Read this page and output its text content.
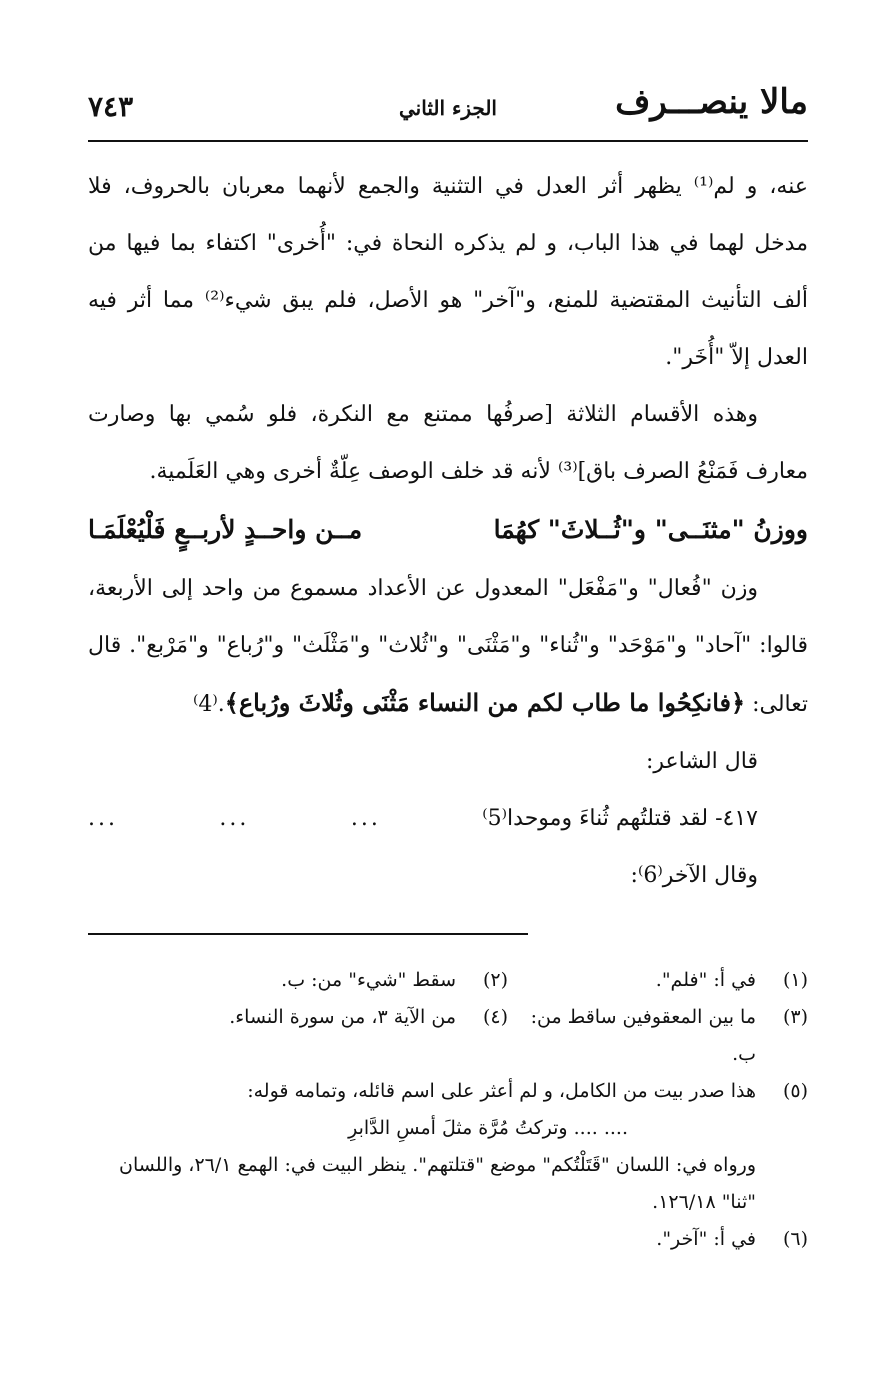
مالا ينصـــرف
الجزء الثاني
٧٤٣

عنه، و لم⁽¹⁾ يظهر أثر العدل في التثنية والجمع لأنهما معربان بالحروف، فلا مدخل لهما في هذا الباب، و لم يذكره النحاة في: "أُخرى" اكتفاء بما فيها من ألف التأنيث المقتضية للمنع، و"آخر" هو الأصل، فلم يبق شيء⁽²⁾ مما أثر فيه العدل إلاّ "أُخَر".

وهذه الأقسام الثلاثة [صرفُها ممتنع مع النكرة، فلو سُمي بها وصارت معارف فَمَنْعُ الصرف باق]⁽³⁾ لأنه قد خلف الوصف عِلّةٌ أخرى وهي العَلَمية.

ووزنُ "مثنَــى" و"ثُــلاثَ" كهُمَا
مــن واحــدٍ لأربــعٍ فَلْيُعْلَمَـا

وزن "فُعال" و"مَفْعَل" المعدول عن الأعداد مسموع من واحد إلى الأربعة، قالوا: "آحاد" و"مَوْحَد" و"ثُناء" و"مَثْنَى" و"ثُلاث" و"مَثْلَث" و"رُباع" و"مَرْبع". قال تعالى: ﴿فانكِحُوا ما طاب لكم من النساء مَثْنَى وثُلاثَ ورُباع﴾.⁽4⁾

قال الشاعر:
٤١٧- لقد قتلتُهم ثُناءَ وموحدا⁽5⁾
...
...
...
وقال الآخر⁽6⁾:
(١)
في أ: "فلم".
(٢)
سقط "شيء" من: ب.
(٣)
ما بين المعقوفين ساقط من: ب.
(٤)
من الآية ٣، من سورة النساء.
(٥)
هذا صدر بيت من الكامل، و لم أعثر على اسم قائله، وتمامه قوله:
.... .... وتركتُ مُرَّة مثلَ أمسِ الدَّابرِ
ورواه في: اللسان "قَتَلْتُكم" موضع "قتلتهم". ينظر البيت في: الهمع ٢٦/١، واللسان "ثنا" ١٢٦/١٨.
(٦)
في أ: "آخر".
